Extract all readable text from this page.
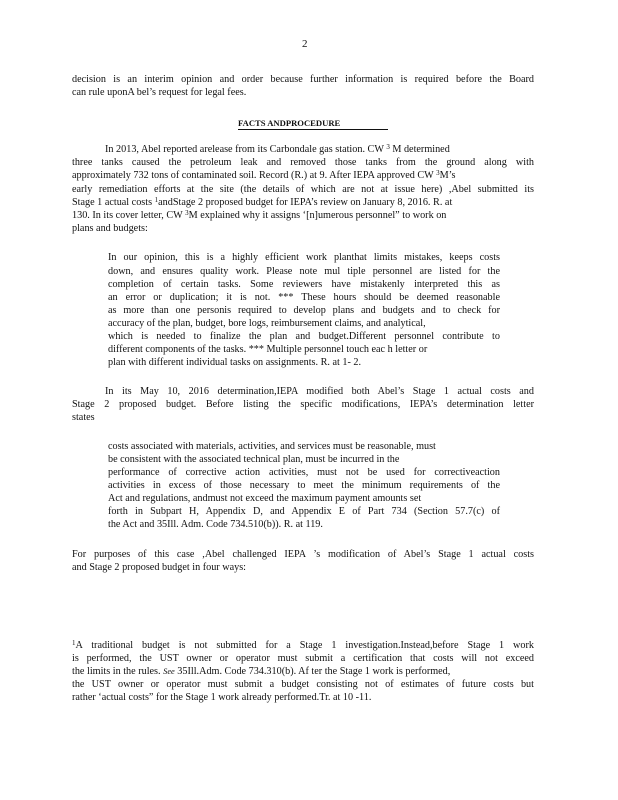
2
decision is an interim opinion and order because further information is required before the Board
can rule uponA bel’s request for legal fees.
FACTS ANDPROCEDURE
In 2013, Abel reported arelease from its Carbondale gas station. CW $^3$ M determined
three tanks caused the petroleum leak and removed those tanks from the ground along with
approximately 732 tons of contaminated soil. Record (R.) at 9. After IEPA approved CW $^3$M’s
early remediation efforts at the site (the details of which are not at issue here) ,Abel submitted its
Stage 1 actual costs $^1$andStage 2 proposed budget for IEPA’s review on January 8, 2016. R. at
130. In its cover letter, CW $^3$M explained why it assigns ‘[n]umerous personnel” to work on
plans and budgets:
In our opinion, this is a highly efficient work planthat limits mistakes, keeps costs
down, and ensures quality work. Please note mul tiple personnel are listed for the
completion of certain tasks. Some reviewers have mistakenly interpreted this as
an error or duplication; it is not. *** These hours should be deemed reasonable
as more than one personis required to develop plans and budgets and to check for
accuracy of the plan, budget, bore logs, reimbursement claims, and analytical,
which is needed to finalize the plan and budget.Different personnel contribute to
different components of the tasks. *** Multiple personnel touch eac h letter or
plan with different individual tasks on assignments. R. at 1- 2.
In its May 10, 2016 determination,IEPA modified both Abel’s Stage 1 actual costs and
Stage 2 proposed budget. Before listing the specific modifications, IEPA’s determination letter
states
costs associated with materials, activities, and services must be reasonable, must
be consistent with the associated technical plan, must be incurred in the
performance of corrective action activities, must not be used for correctiveaction
activities in excess of those necessary to meet the minimum requirements of the
Act and regulations, andmust not exceed the maximum payment amounts set
forth in Subpart H, Appendix D, and Appendix E of Part 734 (Section 57.7(c) of
the Act and 35Ill. Adm. Code 734.510(b)). R. at 119.
For purposes of this case ,Abel challenged IEPA ’s modification of Abel’s Stage 1 actual costs
and Stage 2 proposed budget in four ways:
$^1$A traditional budget is not submitted for a Stage 1 investigation.Instead,before Stage 1 work
is performed, the UST owner or operator must submit a certification that costs will not exceed
the limits in the rules. See 35Ill.Adm. Code 734.310(b). Af ter the Stage 1 work is performed,
the UST owner or operator must submit a budget consisting not of estimates of future costs but
rather ‘actual costs” for the Stage 1 work already performed.Tr. at 10 -11.
